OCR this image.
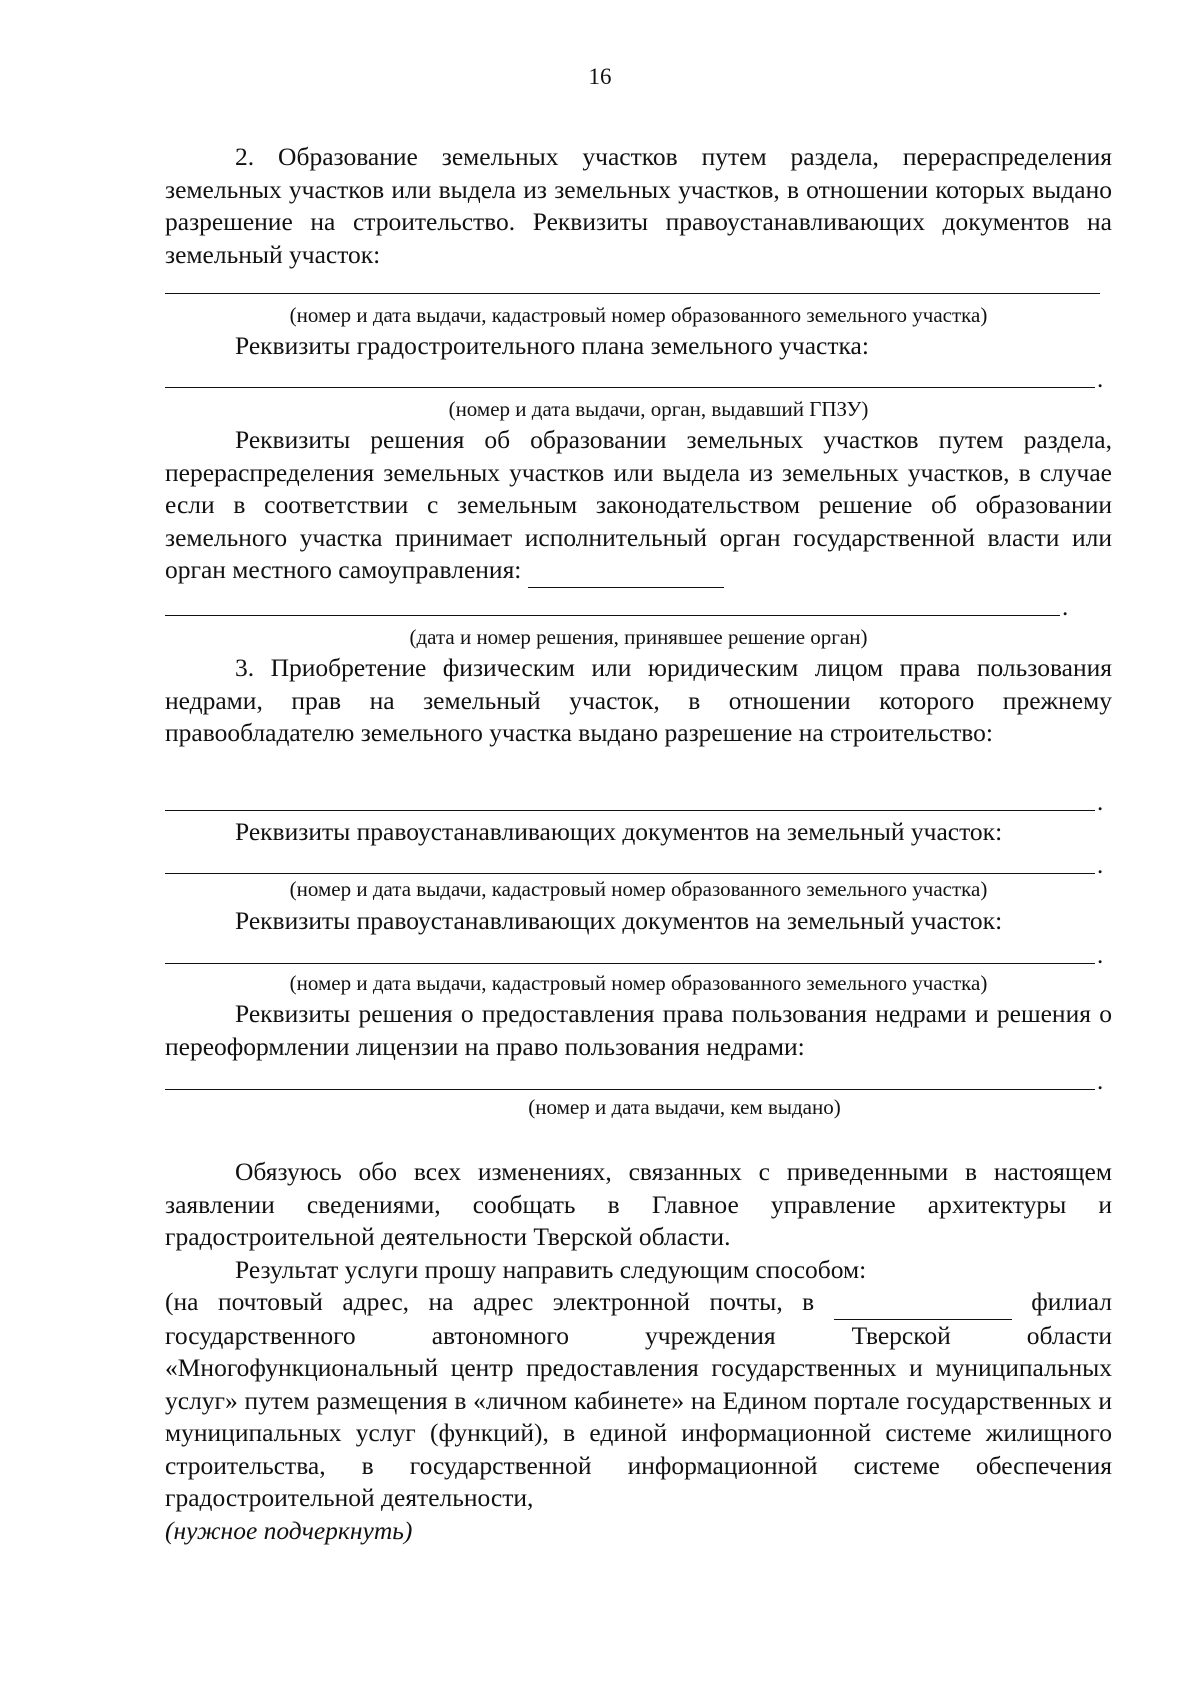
16

2. Образование земельных участков путем раздела, перераспределения земельных участков или выдела из земельных участков, в отношении которых выдано разрешение на строительство. Реквизиты правоустанавливающих документов на земельный участок:

(номер и дата выдачи, кадастровый номер образованного земельного участка)

Реквизиты градостроительного плана земельного участка:

.

(номер и дата выдачи, орган, выдавший ГПЗУ)

Реквизиты решения об образовании земельных участков путем раздела, перераспределения земельных участков или выдела из земельных участков, в случае если в соответствии с земельным законодательством решение об образовании земельного участка принимает исполнительный орган государственной власти или орган местного самоуправления:

.

(дата и номер решения, принявшее решение орган)

3. Приобретение физическим или юридическим лицом права пользования недрами, прав на земельный участок, в отношении которого прежнему правообладателю земельного участка выдано разрешение на строительство:

.

Реквизиты правоустанавливающих документов на земельный участок:

.

(номер и дата выдачи, кадастровый номер образованного земельного участка)

Реквизиты правоустанавливающих документов на земельный участок:

.

(номер и дата выдачи, кадастровый номер образованного земельного участка)

Реквизиты решения о предоставления права пользования недрами и решения о переоформлении лицензии на право пользования недрами:

.

(номер и дата выдачи, кем выдано)

Обязуюсь обо всех изменениях, связанных с приведенными в настоящем заявлении сведениями, сообщать в Главное управление архитектуры и градостроительной деятельности Тверской области.

Результат услуги прошу направить следующим способом:

(на почтовый адрес, на адрес электронной почты, в	филиал государственного автономного учреждения Тверской области «Многофункциональный центр предоставления государственных и муниципальных услуг» путем размещения в «личном кабинете» на Едином портале государственных и муниципальных услуг (функций), в единой информационной системе жилищного строительства, в государственной информационной системе обеспечения градостроительной деятельности,

(нужное подчеркнуть)
